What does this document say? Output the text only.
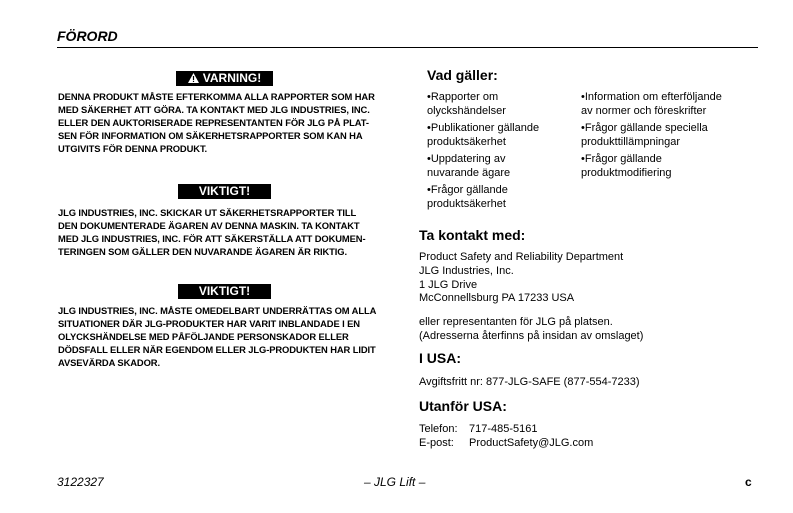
FÖRORD
VARNING!
DENNA PRODUKT MÅSTE EFTERKOMMA ALLA RAPPORTER SOM HAR
MED SÄKERHET ATT GÖRA. TA KONTAKT MED JLG INDUSTRIES, INC.
ELLER DEN AUKTORISERADE REPRESENTANTEN FÖR JLG PÅ PLAT-
SEN FÖR INFORMATION OM SÄKERHETSRAPPORTER SOM KAN HA
UTGIVITS FÖR DENNA PRODUKT.
VIKTIGT!
JLG INDUSTRIES, INC. SKICKAR UT SÄKERHETSRAPPORTER TILL
DEN DOKUMENTERADE ÄGAREN AV DENNA MASKIN. TA KONTAKT
MED JLG INDUSTRIES, INC. FÖR ATT SÄKERSTÄLLA ATT DOKUMEN-
TERINGEN SOM GÄLLER DEN NUVARANDE ÄGAREN ÄR RIKTIG.
VIKTIGT!
JLG INDUSTRIES, INC. MÅSTE OMEDELBART UNDERRÄTTAS OM ALLA
SITUATIONER DÄR JLG-PRODUKTER HAR VARIT INBLANDADE I EN
OLYCKSHÄNDELSE MED PÅFÖLJANDE PERSONSKADOR ELLER
DÖDSFALL ELLER NÄR EGENDOM ELLER JLG-PRODUKTEN HAR LIDIT
AVSEVÄRDA SKADOR.
Vad gäller:
•Rapporter om
olyckshändelser
•Publikationer gällande
produktsäkerhet
•Uppdatering av
nuvarande ägare
•Frågor gällande
produktsäkerhet
•Information om efterföljande
av normer och föreskrifter
•Frågor gällande speciella
produkttillämpningar
•Frågor gällande
produktmodifiering
Ta kontakt med:
Product Safety and Reliability Department
JLG Industries, Inc.
1 JLG Drive
McConnellsburg PA 17233 USA
eller representanten för JLG på platsen.
(Adresserna återfinns på insidan av omslaget)
I USA:
Avgiftsfritt nr: 877-JLG-SAFE (877-554-7233)
Utanför USA:
Telefon: 717-485-5161
E-post: ProductSafety@JLG.com
3122327	– JLG Lift –	c
